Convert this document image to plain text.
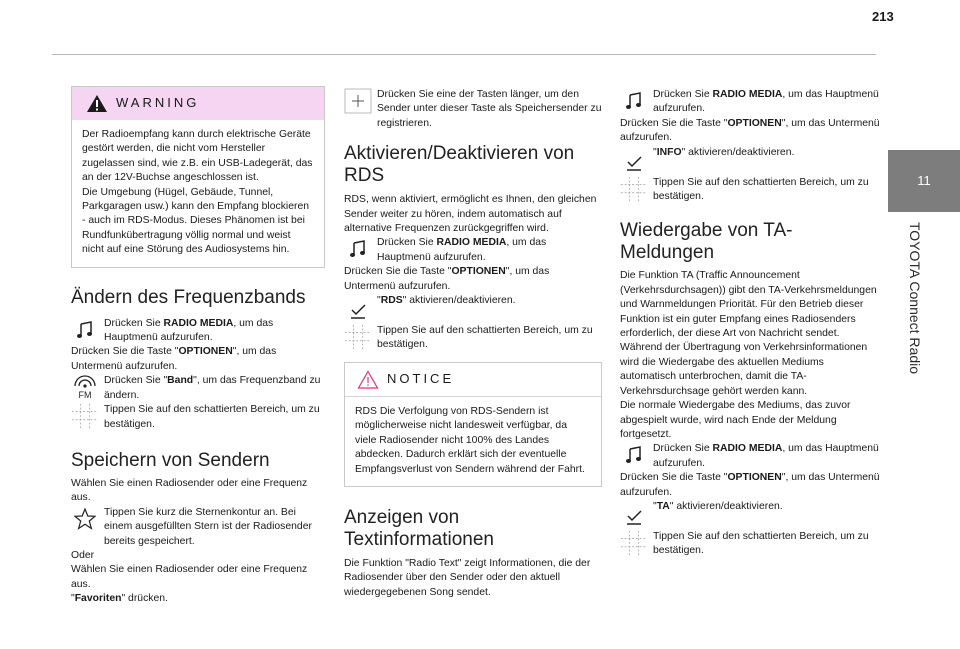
213
11
TOYOTA Connect Radio
WARNING

Der Radioempfang kann durch elektrische Geräte gestört werden, die nicht vom Hersteller zugelassen sind, wie z.B. ein USB-Ladegerät, das an der 12V-Buchse angeschlossen ist.

Die Umgebung (Hügel, Gebäude, Tunnel, Parkgaragen usw.) kann den Empfang blockieren - auch im RDS-Modus. Dieses Phänomen ist bei Rundfunkübertragung völlig normal und weist nicht auf eine Störung des Audiosystems hin.

Ändern des Frequenzbands

Drücken Sie RADIO MEDIA, um das Hauptmenü aufzurufen.

Drücken Sie die Taste "OPTIONEN", um das Untermenü aufzurufen.

FM

Drücken Sie "Band", um das Frequenzband zu ändern.

Tippen Sie auf den schattierten Bereich, um zu bestätigen.

Speichern von Sendern

Wählen Sie einen Radiosender oder eine Frequenz aus.

Tippen Sie kurz die Sternenkontur an. Bei einem ausgefüllten Stern ist der Radiosender bereits gespeichert.

Oder

Wählen Sie einen Radiosender oder eine Frequenz aus.

"Favoriten" drücken.

Drücken Sie eine der Tasten länger, um den Sender unter dieser Taste als Speichersender zu registrieren.

Aktivieren/Deaktivieren von RDS

RDS, wenn aktiviert, ermöglicht es Ihnen, den gleichen Sender weiter zu hören, indem automatisch auf alternative Frequenzen zurückgegriffen wird.

Drücken Sie RADIO MEDIA, um das Hauptmenü aufzurufen.

Drücken Sie die Taste "OPTIONEN", um das Untermenü aufzurufen.

"RDS" aktivieren/deaktivieren.

Tippen Sie auf den schattierten Bereich, um zu bestätigen.

NOTICE

RDS Die Verfolgung von RDS-Sendern ist möglicherweise nicht landesweit verfügbar, da viele Radiosender nicht 100% des Landes abdecken. Dadurch erklärt sich der eventuelle Empfangsverlust von Sendern während der Fahrt.

Anzeigen von Textinformationen

Die Funktion "Radio Text" zeigt Informationen, die der Radiosender über den Sender oder den aktuell wiedergegebenen Song sendet.

Drücken Sie RADIO MEDIA, um das Hauptmenü aufzurufen.

Drücken Sie die Taste "OPTIONEN", um das Untermenü aufzurufen.

"INFO" aktivieren/deaktivieren.

Tippen Sie auf den schattierten Bereich, um zu bestätigen.

Wiedergabe von TA-Meldungen

Die Funktion TA (Traffic Announcement (Verkehrsdurchsagen)) gibt den TA-Verkehrsmeldungen und Warnmeldungen Priorität. Für den Betrieb dieser Funktion ist ein guter Empfang eines Radiosenders erforderlich, der diese Art von Nachricht sendet. Während der Übertragung von Verkehrsinformationen wird die Wiedergabe des aktuellen Mediums automatisch unterbrochen, damit die TA-Verkehrsdurchsage gehört werden kann.

Die normale Wiedergabe des Mediums, das zuvor abgespielt wurde, wird nach Ende der Meldung fortgesetzt.

Drücken Sie RADIO MEDIA, um das Hauptmenü aufzurufen.

Drücken Sie die Taste "OPTIONEN", um das Untermenü aufzurufen.

"TA" aktivieren/deaktivieren.

Tippen Sie auf den schattierten Bereich, um zu bestätigen.
